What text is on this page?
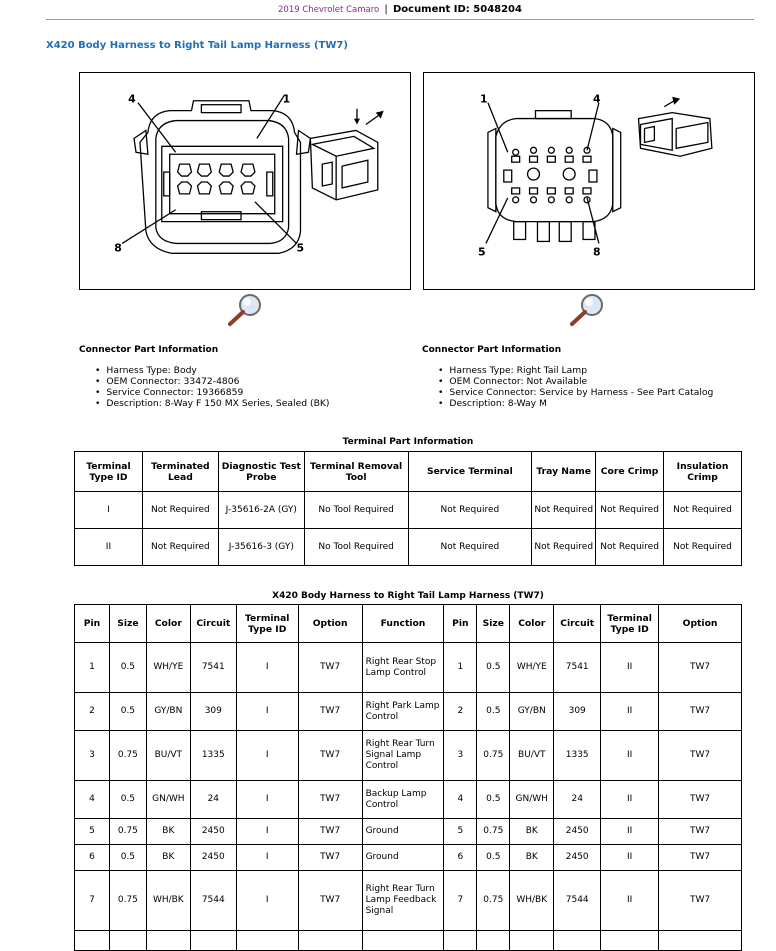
2019 Chevrolet Camaro | Document ID: 5048204
X420 Body Harness to Right Tail Lamp Harness (TW7)
4	1
8	5
1	4
5	8
Connector Part Information
• Harness Type: Body
• OEM Connector: 33472-4806
• Service Connector: 19366859
• Description: 8-Way F 150 MX Series, Sealed (BK)
Connector Part Information
• Harness Type: Right Tail Lamp
• OEM Connector: Not Available
• Service Connector: Service by Harness - See Part Catalog
• Description: 8-Way M
Terminal Part Information
Terminal Type ID	Terminated Lead	Diagnostic Test Probe	Terminal Removal Tool	Service Terminal	Tray Name	Core Crimp	Insulation Crimp
I	Not Required	J-35616-2A (GY)	No Tool Required	Not Required	Not Required	Not Required	Not Required
II	Not Required	J-35616-3 (GY)	No Tool Required	Not Required	Not Required	Not Required	Not Required
X420 Body Harness to Right Tail Lamp Harness (TW7)
Pin	Size	Color	Circuit	Terminal Type ID	Option	Function	Pin	Size	Color	Circuit	Terminal Type ID	Option
1	0.5	WH/YE	7541	I	TW7	Right Rear Stop Lamp Control	1	0.5	WH/YE	7541	II	TW7
2	0.5	GY/BN	309	I	TW7	Right Park Lamp Control	2	0.5	GY/BN	309	II	TW7
3	0.75	BU/VT	1335	I	TW7	Right Rear Turn Signal Lamp Control	3	0.75	BU/VT	1335	II	TW7
4	0.5	GN/WH	24	I	TW7	Backup Lamp Control	4	0.5	GN/WH	24	II	TW7
5	0.75	BK	2450	I	TW7	Ground	5	0.75	BK	2450	II	TW7
6	0.5	BK	2450	I	TW7	Ground	6	0.5	BK	2450	II	TW7
7	0.75	WH/BK	7544	I	TW7	Right Rear Turn Lamp Feedback Signal	7	0.75	WH/BK	7544	II	TW7
